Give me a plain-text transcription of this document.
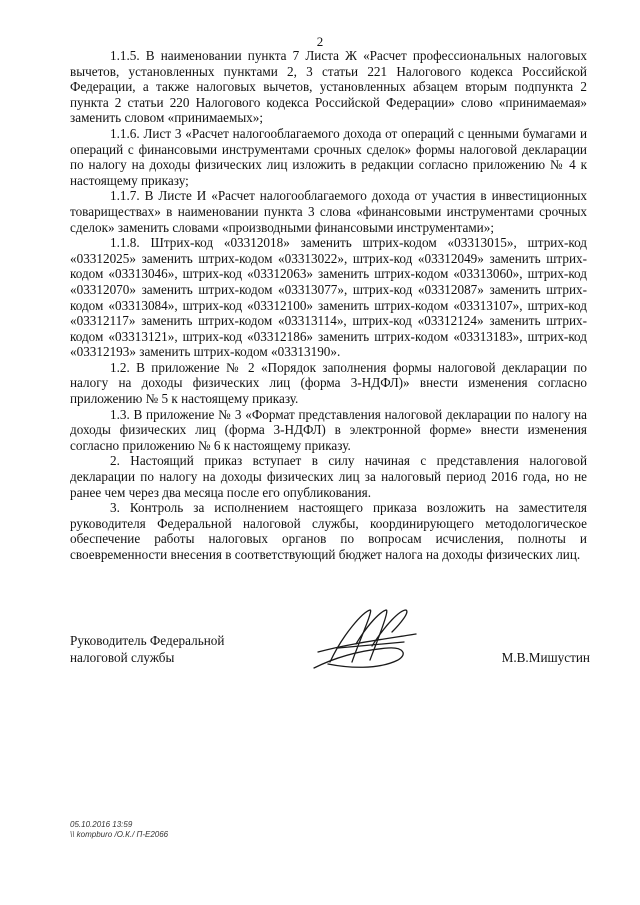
2

1.1.5. В наименовании пункта 7 Листа Ж «Расчет профессиональных налоговых вычетов, установленных пунктами 2, 3 статьи 221 Налогового кодекса Российской Федерации, а также налоговых вычетов, установленных абзацем вторым подпункта 2 пункта 2 статьи 220 Налогового кодекса Российской Федерации» слово «принимаемая» заменить словом «принимаемых»;

1.1.6. Лист 3 «Расчет налогооблагаемого дохода от операций с ценными бумагами и операций с финансовыми инструментами срочных сделок» формы налоговой декларации по налогу на доходы физических лиц изложить в редакции согласно приложению № 4 к настоящему приказу;

1.1.7. В Листе И «Расчет налогооблагаемого дохода от участия в инвестиционных товариществах» в наименовании пункта 3 слова «финансовыми инструментами срочных сделок» заменить словами «производными финансовыми инструментами»;

1.1.8. Штрих-код «03312018» заменить штрих-кодом «03313015», штрих-код «03312025» заменить штрих-кодом «03313022», штрих-код «03312049» заменить штрих-кодом «03313046», штрих-код «03312063» заменить штрих-кодом «03313060», штрих-код «03312070» заменить штрих-кодом «03313077», штрих-код «03312087» заменить штрих-кодом «03313084», штрих-код «03312100» заменить штрих-кодом «03313107», штрих-код «03312117» заменить штрих-кодом «03313114», штрих-код «03312124» заменить штрих-кодом «03313121», штрих-код «03312186» заменить штрих-кодом «03313183», штрих-код «03312193» заменить штрих-кодом «03313190».

1.2. В приложение № 2 «Порядок заполнения формы налоговой декларации по налогу на доходы физических лиц (форма 3-НДФЛ)» внести изменения согласно приложению № 5 к настоящему приказу.

1.3. В приложение № 3 «Формат представления налоговой декларации по налогу на доходы физических лиц (форма 3-НДФЛ) в электронной форме» внести изменения согласно приложению № 6 к настоящему приказу.

2. Настоящий приказ вступает в силу начиная с представления налоговой декларации по налогу на доходы физических лиц за налоговый период 2016 года, но не ранее чем через два месяца после его опубликования.

3. Контроль за исполнением настоящего приказа возложить на заместителя руководителя Федеральной налоговой службы, координирующего методологическое обеспечение работы налоговых органов по вопросам исчисления, полноты и своевременности внесения в соответствующий бюджет налога на доходы физических лиц.

Руководитель Федеральной
налоговой службы	М.В.Мишустин
05.10.2016 13:59
\\ kompburo /О.К./ П-Е2066
